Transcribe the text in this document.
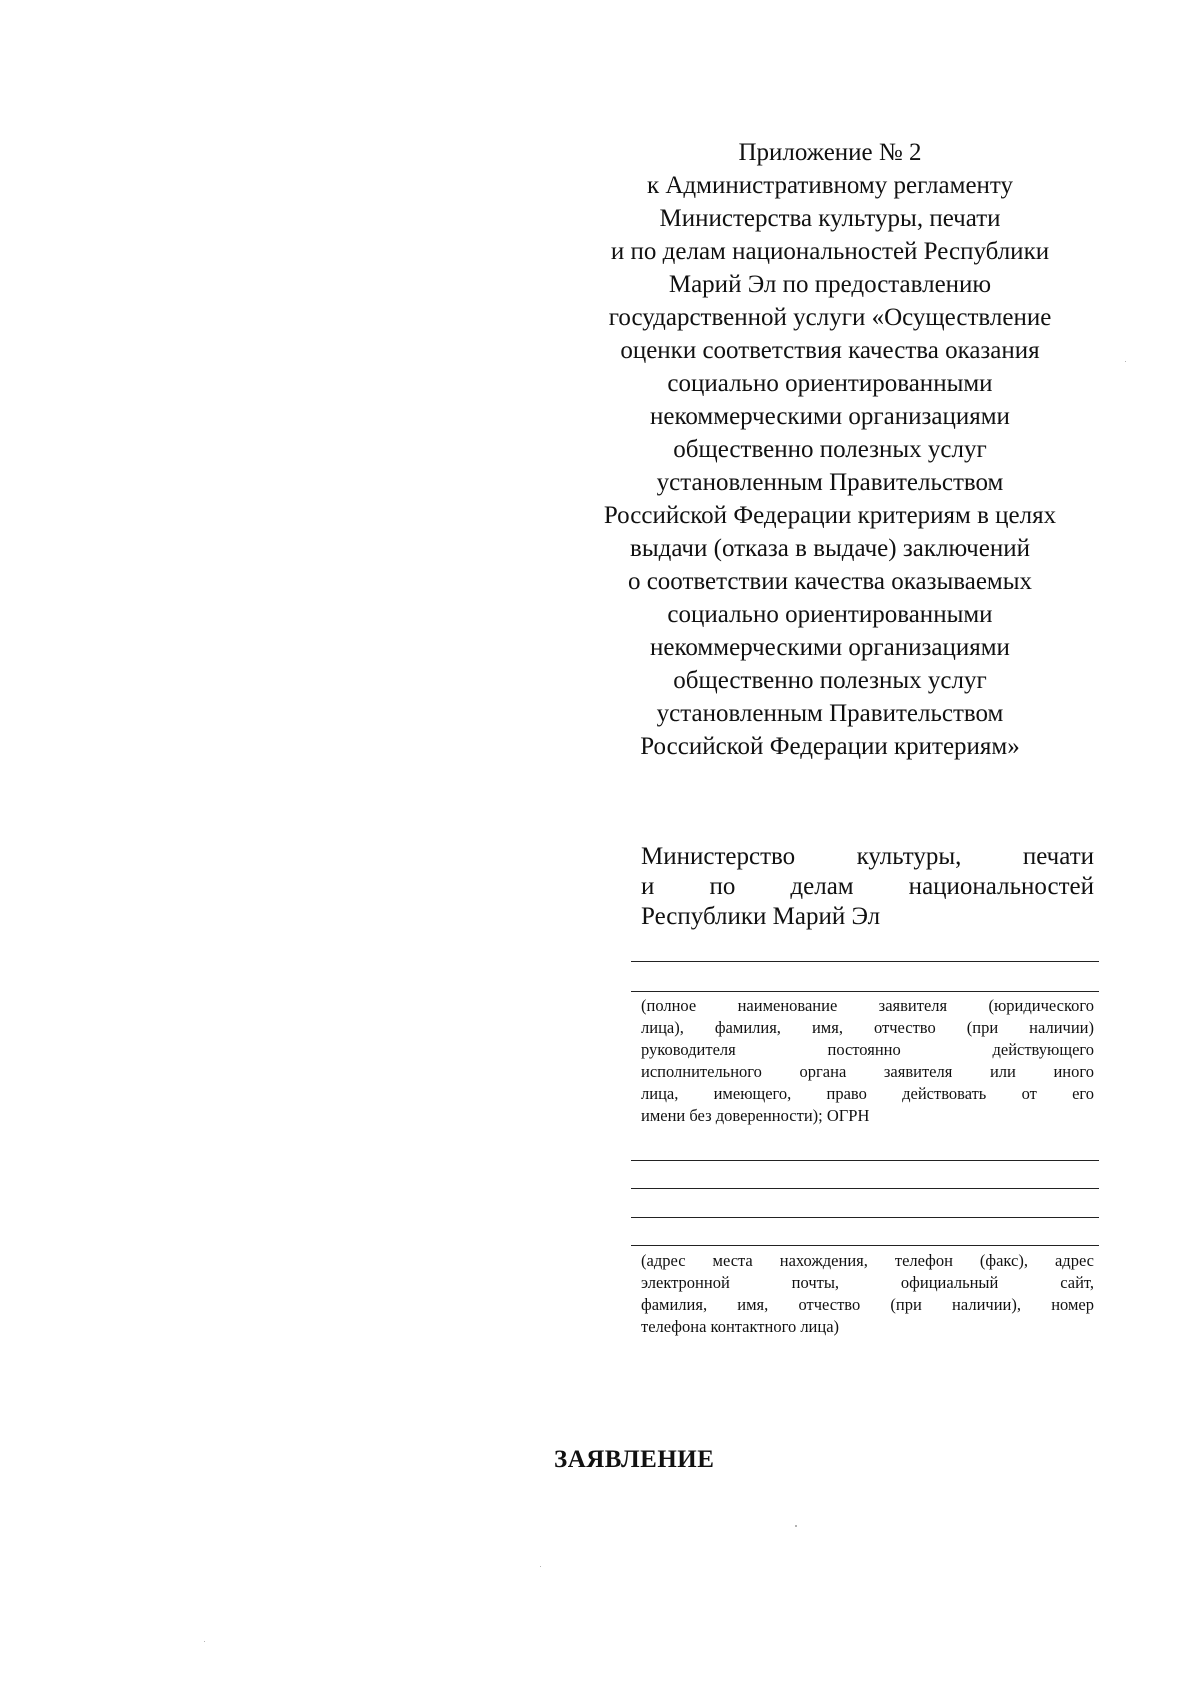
Приложение № 2
к Административному регламенту
Министерства культуры, печати
и по делам национальностей Республики
Марий Эл по предоставлению
государственной услуги «Осуществление
оценки соответствия качества оказания
социально ориентированными
некоммерческими организациями
общественно полезных услуг
установленным Правительством
Российской Федерации критериям в целях
выдачи (отказа в выдаче) заключений
о соответствии качества оказываемых
социально ориентированными
некоммерческими организациями
общественно полезных услуг
установленным Правительством
Российской Федерации критериям»
Министерство культуры, печати
и по делам национальностей
Республики Марий Эл
(полное наименование заявителя (юридического
лица), фамилия, имя, отчество (при наличии)
руководителя постоянно действующего
исполнительного органа заявителя или иного
лица, имеющего, право действовать от его
имени без доверенности); ОГРН
(адрес места нахождения, телефон (факс), адрес
электронной почты, официальный сайт,
фамилия, имя, отчество (при наличии), номер
телефона контактного лица)
ЗАЯВЛЕНИЕ
